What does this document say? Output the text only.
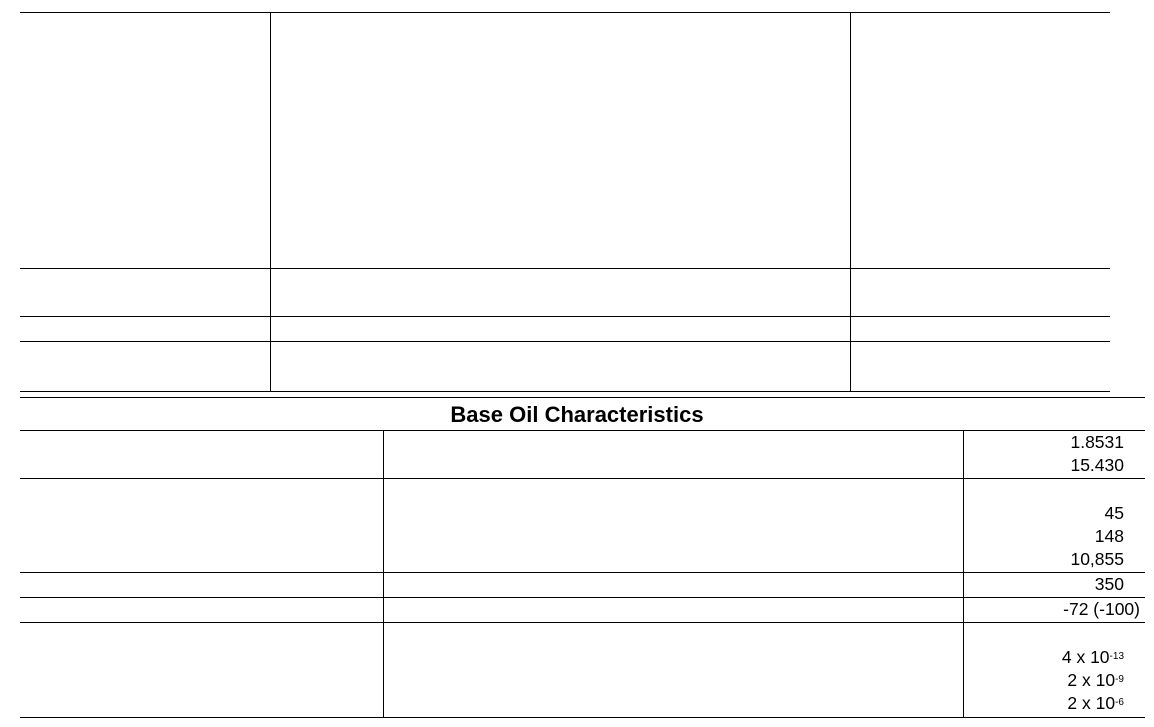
Base Oil Characteristics
1.8531
15.430
45
148
10,855
350
-72 (-100)
4 x $10^{-13}$
2 x $10^{-9}$
2 x $10^{-6}$
